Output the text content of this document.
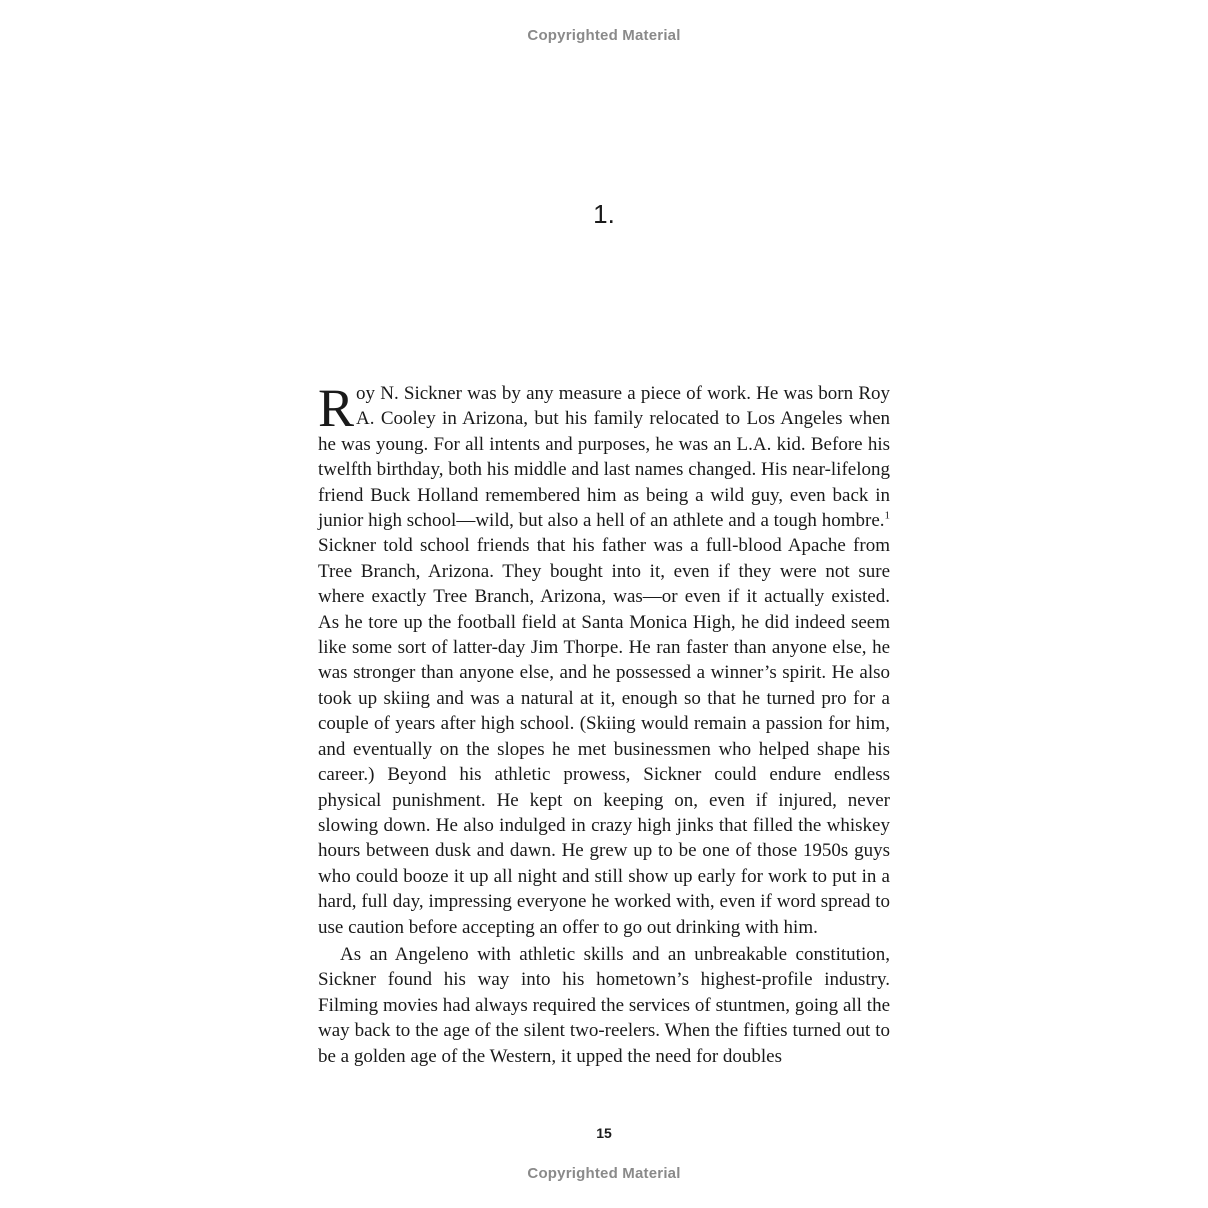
Copyrighted Material
1.

Roy N. Sickner was by any measure a piece of work. He was born Roy A. Cooley in Arizona, but his family relocated to Los Angeles when he was young. For all intents and purposes, he was an L.A. kid. Before his twelfth birthday, both his middle and last names changed. His near-lifelong friend Buck Holland remembered him as being a wild guy, even back in junior high school—wild, but also a hell of an athlete and a tough hombre.$^1$ Sickner told school friends that his father was a full-blood Apache from Tree Branch, Arizona. They bought into it, even if they were not sure where exactly Tree Branch, Arizona, was—or even if it actually existed. As he tore up the football field at Santa Monica High, he did indeed seem like some sort of latter-day Jim Thorpe. He ran faster than anyone else, he was stronger than anyone else, and he possessed a winner’s spirit. He also took up skiing and was a natural at it, enough so that he turned pro for a couple of years after high school. (Skiing would remain a passion for him, and eventually on the slopes he met businessmen who helped shape his career.) Beyond his athletic prowess, Sickner could endure endless physical punishment. He kept on keeping on, even if injured, never slowing down. He also indulged in crazy high jinks that filled the whiskey hours between dusk and dawn. He grew up to be one of those 1950s guys who could booze it up all night and still show up early for work to put in a hard, full day, impressing everyone he worked with, even if word spread to use caution before accepting an offer to go out drinking with him.

As an Angeleno with athletic skills and an unbreakable constitution, Sickner found his way into his hometown’s highest-profile industry. Filming movies had always required the services of stuntmen, going all the way back to the age of the silent two-reelers. When the fifties turned out to be a golden age of the Western, it upped the need for doubles

15
Copyrighted Material
